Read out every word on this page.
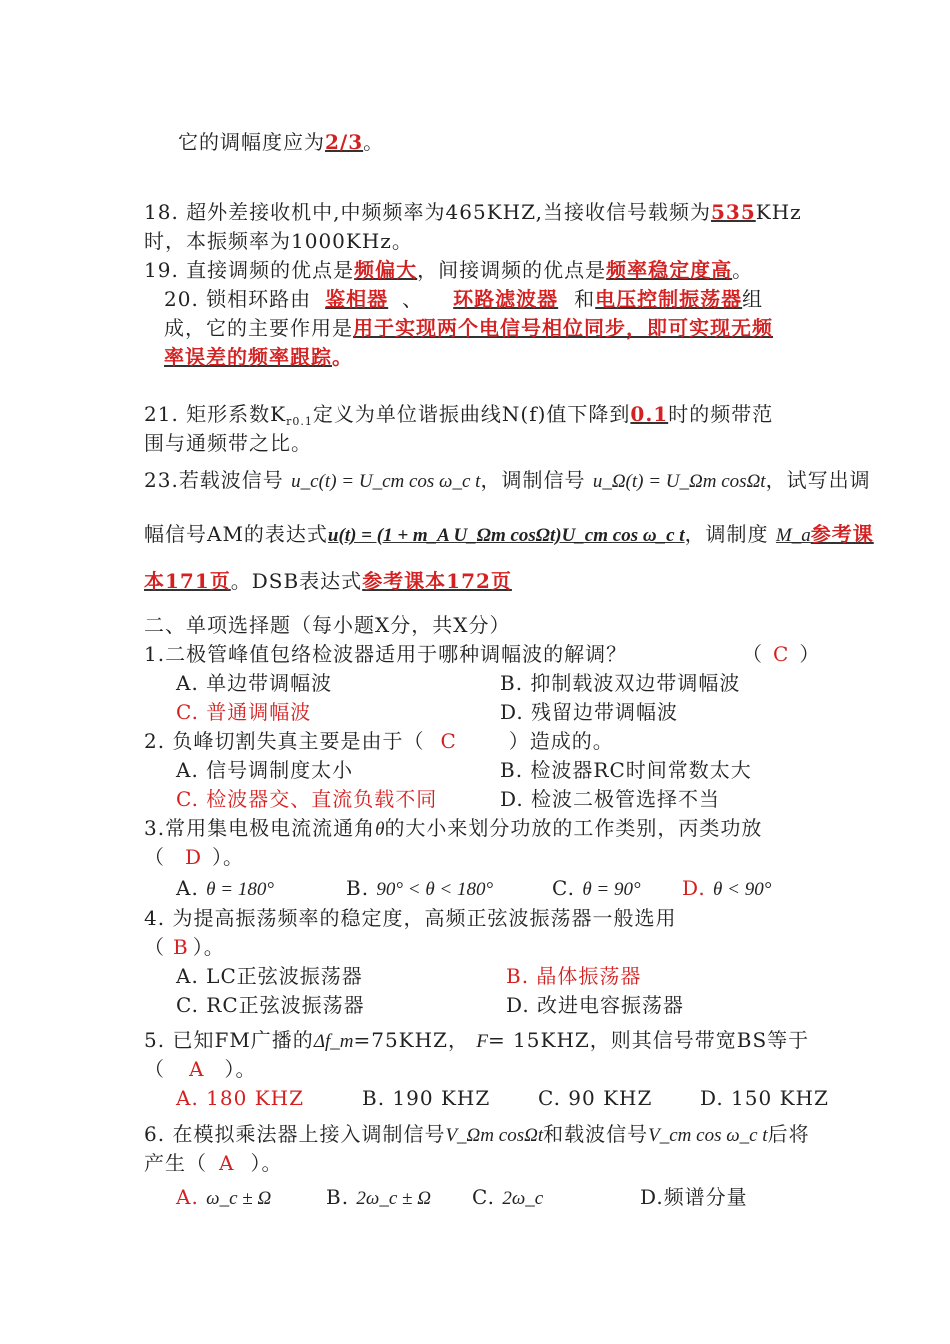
它的调幅度应为2/3。
18. 超外差接收机中,中频频率为465KHZ,当接收信号载频为535KHz
时，本振频率为1000KHz。
19. 直接调频的优点是频偏大，间接调频的优点是频率稳定度高。
20. 锁相环路由 鉴相器 、 环路滤波器 和电压控制振荡器组
成，它的主要作用是用于实现两个电信号相位同步，即可实现无频
率误差的频率跟踪。
21. 矩形系数$K_{r0.1}$定义为单位谐振曲线N(f)值下降到0.1时的频带范
围与通频带之比。
23.若载波信号 u_c(t) = U_cm cos ω_c t，调制信号 u_Ω(t) = U_Ωm cosΩt，试写出调
幅信号AM的表达式u(t) = (1 + m_A U_Ωm cosΩt)U_cm cos ω_c t，调制度 M_a参考课
本171页。DSB表达式参考课本172页
二、单项选择题（每小题X分，共X分）
1.二极管峰值包络检波器适用于哪种调幅波的解调？	（ C ）
A. 单边带调幅波	B. 抑制载波双边带调幅波
C. 普通调幅波	D. 残留边带调幅波
2. 负峰切割失真主要是由于（ C	）造成的。
A. 信号调制度太小	B. 检波器RC时间常数太大
C. 检波器交、直流负载不同	D. 检波二极管选择不当
3.常用集电极电流流通角θ的大小来划分功放的工作类别，丙类功放
（ D ）。
A. θ = 180°	B. 90° < θ < 180°	C. θ = 90° D. θ < 90°
4. 为提高振荡频率的稳定度，高频正弦波振荡器一般选用
（ B ）。
A. LC正弦波振荡器	B. 晶体振荡器
C. RC正弦波振荡器	D. 改进电容振荡器
5. 已知FM广播的Δf_m=75KHZ， F= 15KHZ，则其信号带宽BS等于
（ A ）。
A. 180 KHZ	B. 190 KHZ C. 90 KHZ D. 150 KHZ
6. 在模拟乘法器上接入调制信号V_Ωm cosΩt和载波信号V_cm cos ω_c t后将
产生（ A ）。
A. ω_c ± Ω	B. 2ω_c ± Ω C. 2ω_c	D.频谱分量
